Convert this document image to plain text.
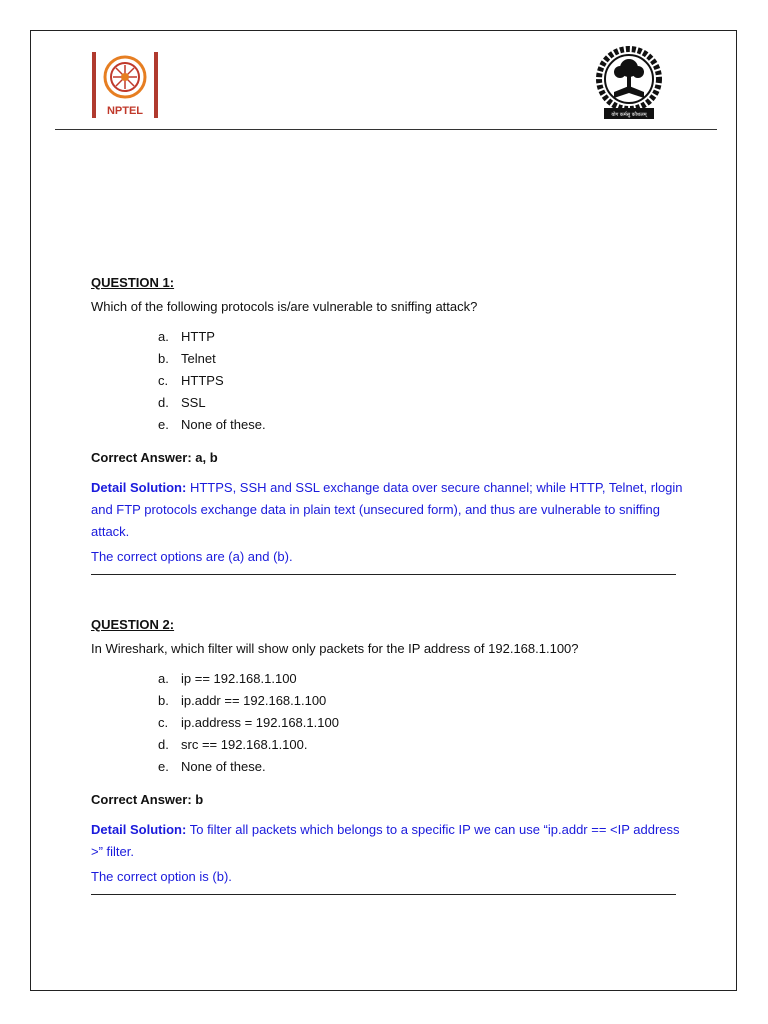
NPTEL	योग कर्मसु कौशलम्

QUESTION 1:

Which of the following protocols is/are vulnerable to sniffing attack?
a. HTTP
b. Telnet
c. HTTPS
d. SSL
e. None of these.
Correct Answer: a, b
Detail Solution: HTTPS, SSH and SSL exchange data over secure channel; while HTTP, Telnet, rlogin and FTP protocols exchange data in plain text (unsecured form), and thus are vulnerable to sniffing attack.
The correct options are (a) and (b).

QUESTION 2:

In Wireshark, which filter will show only packets for the IP address of 192.168.1.100?
a. ip == 192.168.1.100
b. ip.addr == 192.168.1.100
c. ip.address = 192.168.1.100
d. src == 192.168.1.100.
e. None of these.
Correct Answer: b
Detail Solution: To filter all packets which belongs to a specific IP we can use “ip.addr == <IP address >” filter.
The correct option is (b).
